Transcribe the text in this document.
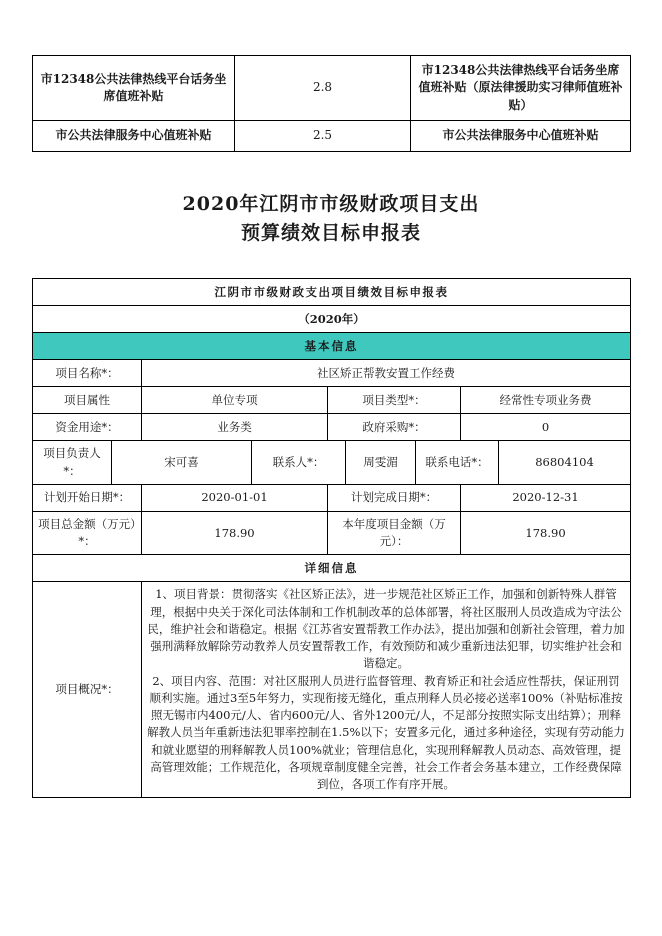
市12348公共法律热线平台话务坐席值班补贴	2.8	市12348公共法律热线平台话务坐席值班补贴（原法律援助实习律师值班补贴）
市公共法律服务中心值班补贴	2.5	市公共法律服务中心值班补贴
2020年江阴市市级财政项目支出
预算绩效目标申报表
江阴市市级财政支出项目绩效目标申报表								
（2020年）								
基本信息								
项目名称*：		社区矫正帮教安置工作经费						
项目属性		单位专项		项目类型*：			经常性专项业务费	
资金用途*：		业务类		政府采购*：			0	
项目负责人*：	宋可喜		联系人*：		周雯湄	联系电话*：		86804104
计划开始日期*：		2020-01-01		计划完成日期*：			2020-12-31	
项目总金额（万元）*：		178.90		本年度项目金额（万元）：			178.90	
详细信息								
项目概况*：		1、项目背景：贯彻落实《社区矫正法》，进一步规范社区矫正工作，加强和创新特殊人群管理，根据中央关于深化司法体制和工作机制改革的总体部署，将社区服刑人员改造成为守法公民，维护社会和谐稳定。根据《江苏省安置帮教工作办法》，提出加强和创新社会管理，着力加强刑满释放解除劳动教养人员安置帮教工作，有效预防和减少重新违法犯罪，切实维护社会和谐稳定。

2、项目内容、范围：对社区服刑人员进行监督管理、教育矫正和社会适应性帮扶，保证刑罚顺利实施。通过3至5年努力，实现衔接无缝化，重点刑释人员必接必送率100%（补贴标准按照无锡市内400元/人、省内600元/人、省外1200元/人，不足部分按照实际支出结算）；刑释解教人员当年重新违法犯罪率控制在1.5%以下；安置多元化，通过多种途径，实现有劳动能力和就业愿望的刑释解教人员100%就业；管理信息化，实现刑释解教人员动态、高效管理，提高管理效能；工作规范化，各项规章制度健全完善，社会工作者会务基本建立，工作经费保障到位，各项工作有序开展。						
